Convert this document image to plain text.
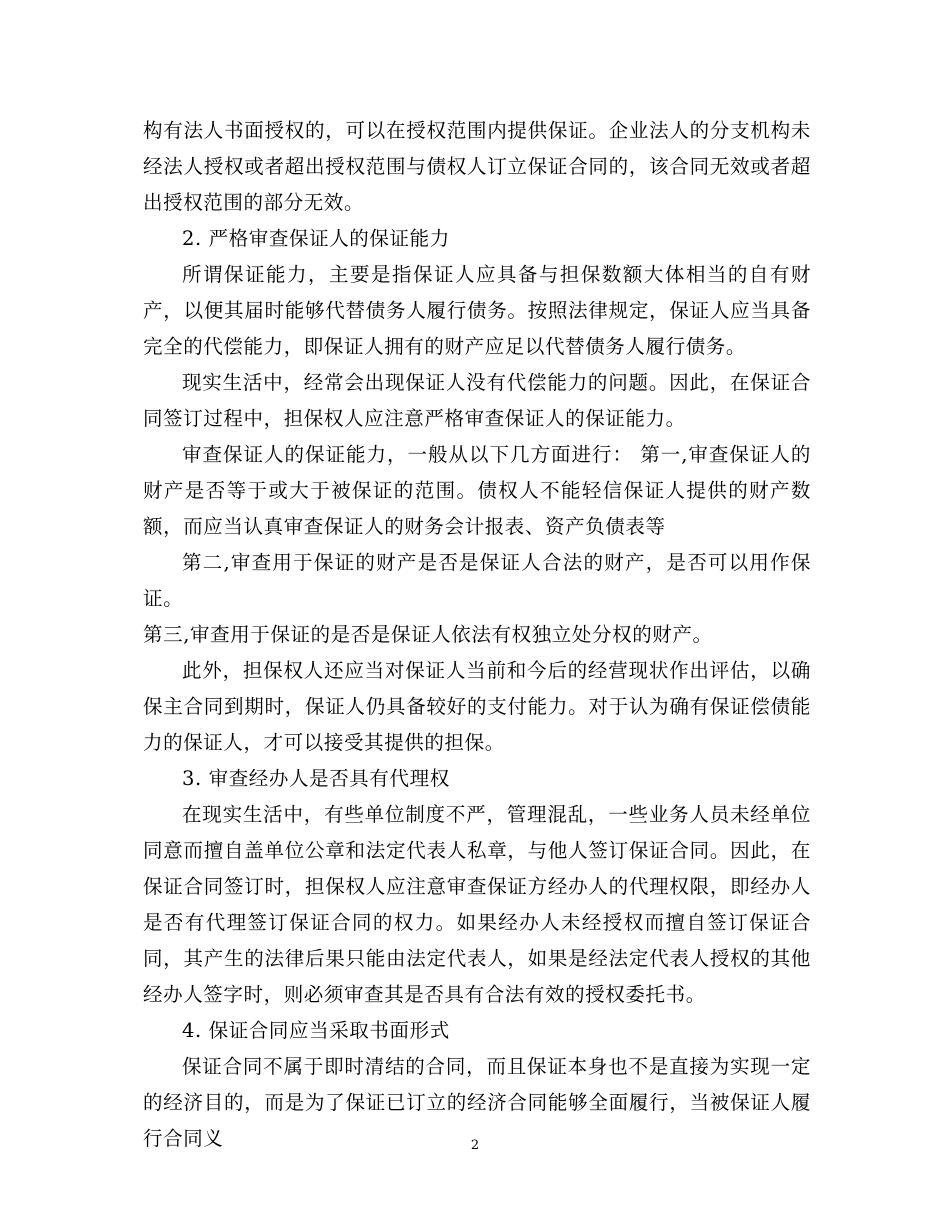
构有法人书面授权的，可以在授权范围内提供保证。企业法人的分支机构未经法人授权或者超出授权范围与债权人订立保证合同的，该合同无效或者超出授权范围的部分无效。

2. 严格审查保证人的保证能力

所谓保证能力，主要是指保证人应具备与担保数额大体相当的自有财产，以便其届时能够代替债务人履行债务。按照法律规定，保证人应当具备完全的代偿能力，即保证人拥有的财产应足以代替债务人履行债务。

现实生活中，经常会出现保证人没有代偿能力的问题。因此，在保证合同签订过程中，担保权人应注意严格审查保证人的保证能力。

审查保证人的保证能力，一般从以下几方面进行： 第一,审查保证人的财产是否等于或大于被保证的范围。债权人不能轻信保证人提供的财产数额，而应当认真审查保证人的财务会计报表、资产负债表等

第二,审查用于保证的财产是否是保证人合法的财产，是否可以用作保证。

第三,审查用于保证的是否是保证人依法有权独立处分权的财产。

此外，担保权人还应当对保证人当前和今后的经营现状作出评估，以确保主合同到期时，保证人仍具备较好的支付能力。对于认为确有保证偿债能力的保证人，才可以接受其提供的担保。

3. 审查经办人是否具有代理权

在现实生活中，有些单位制度不严，管理混乱，一些业务人员未经单位同意而擅自盖单位公章和法定代表人私章，与他人签订保证合同。因此，在保证合同签订时，担保权人应注意审查保证方经办人的代理权限，即经办人是否有代理签订保证合同的权力。如果经办人未经授权而擅自签订保证合同，其产生的法律后果只能由法定代表人，如果是经法定代表人授权的其他经办人签字时，则必须审查其是否具有合法有效的授权委托书。

4. 保证合同应当采取书面形式

保证合同不属于即时清结的合同，而且保证本身也不是直接为实现一定的经济目的，而是为了保证已订立的经济合同能够全面履行，当被保证人履行合同义	2
